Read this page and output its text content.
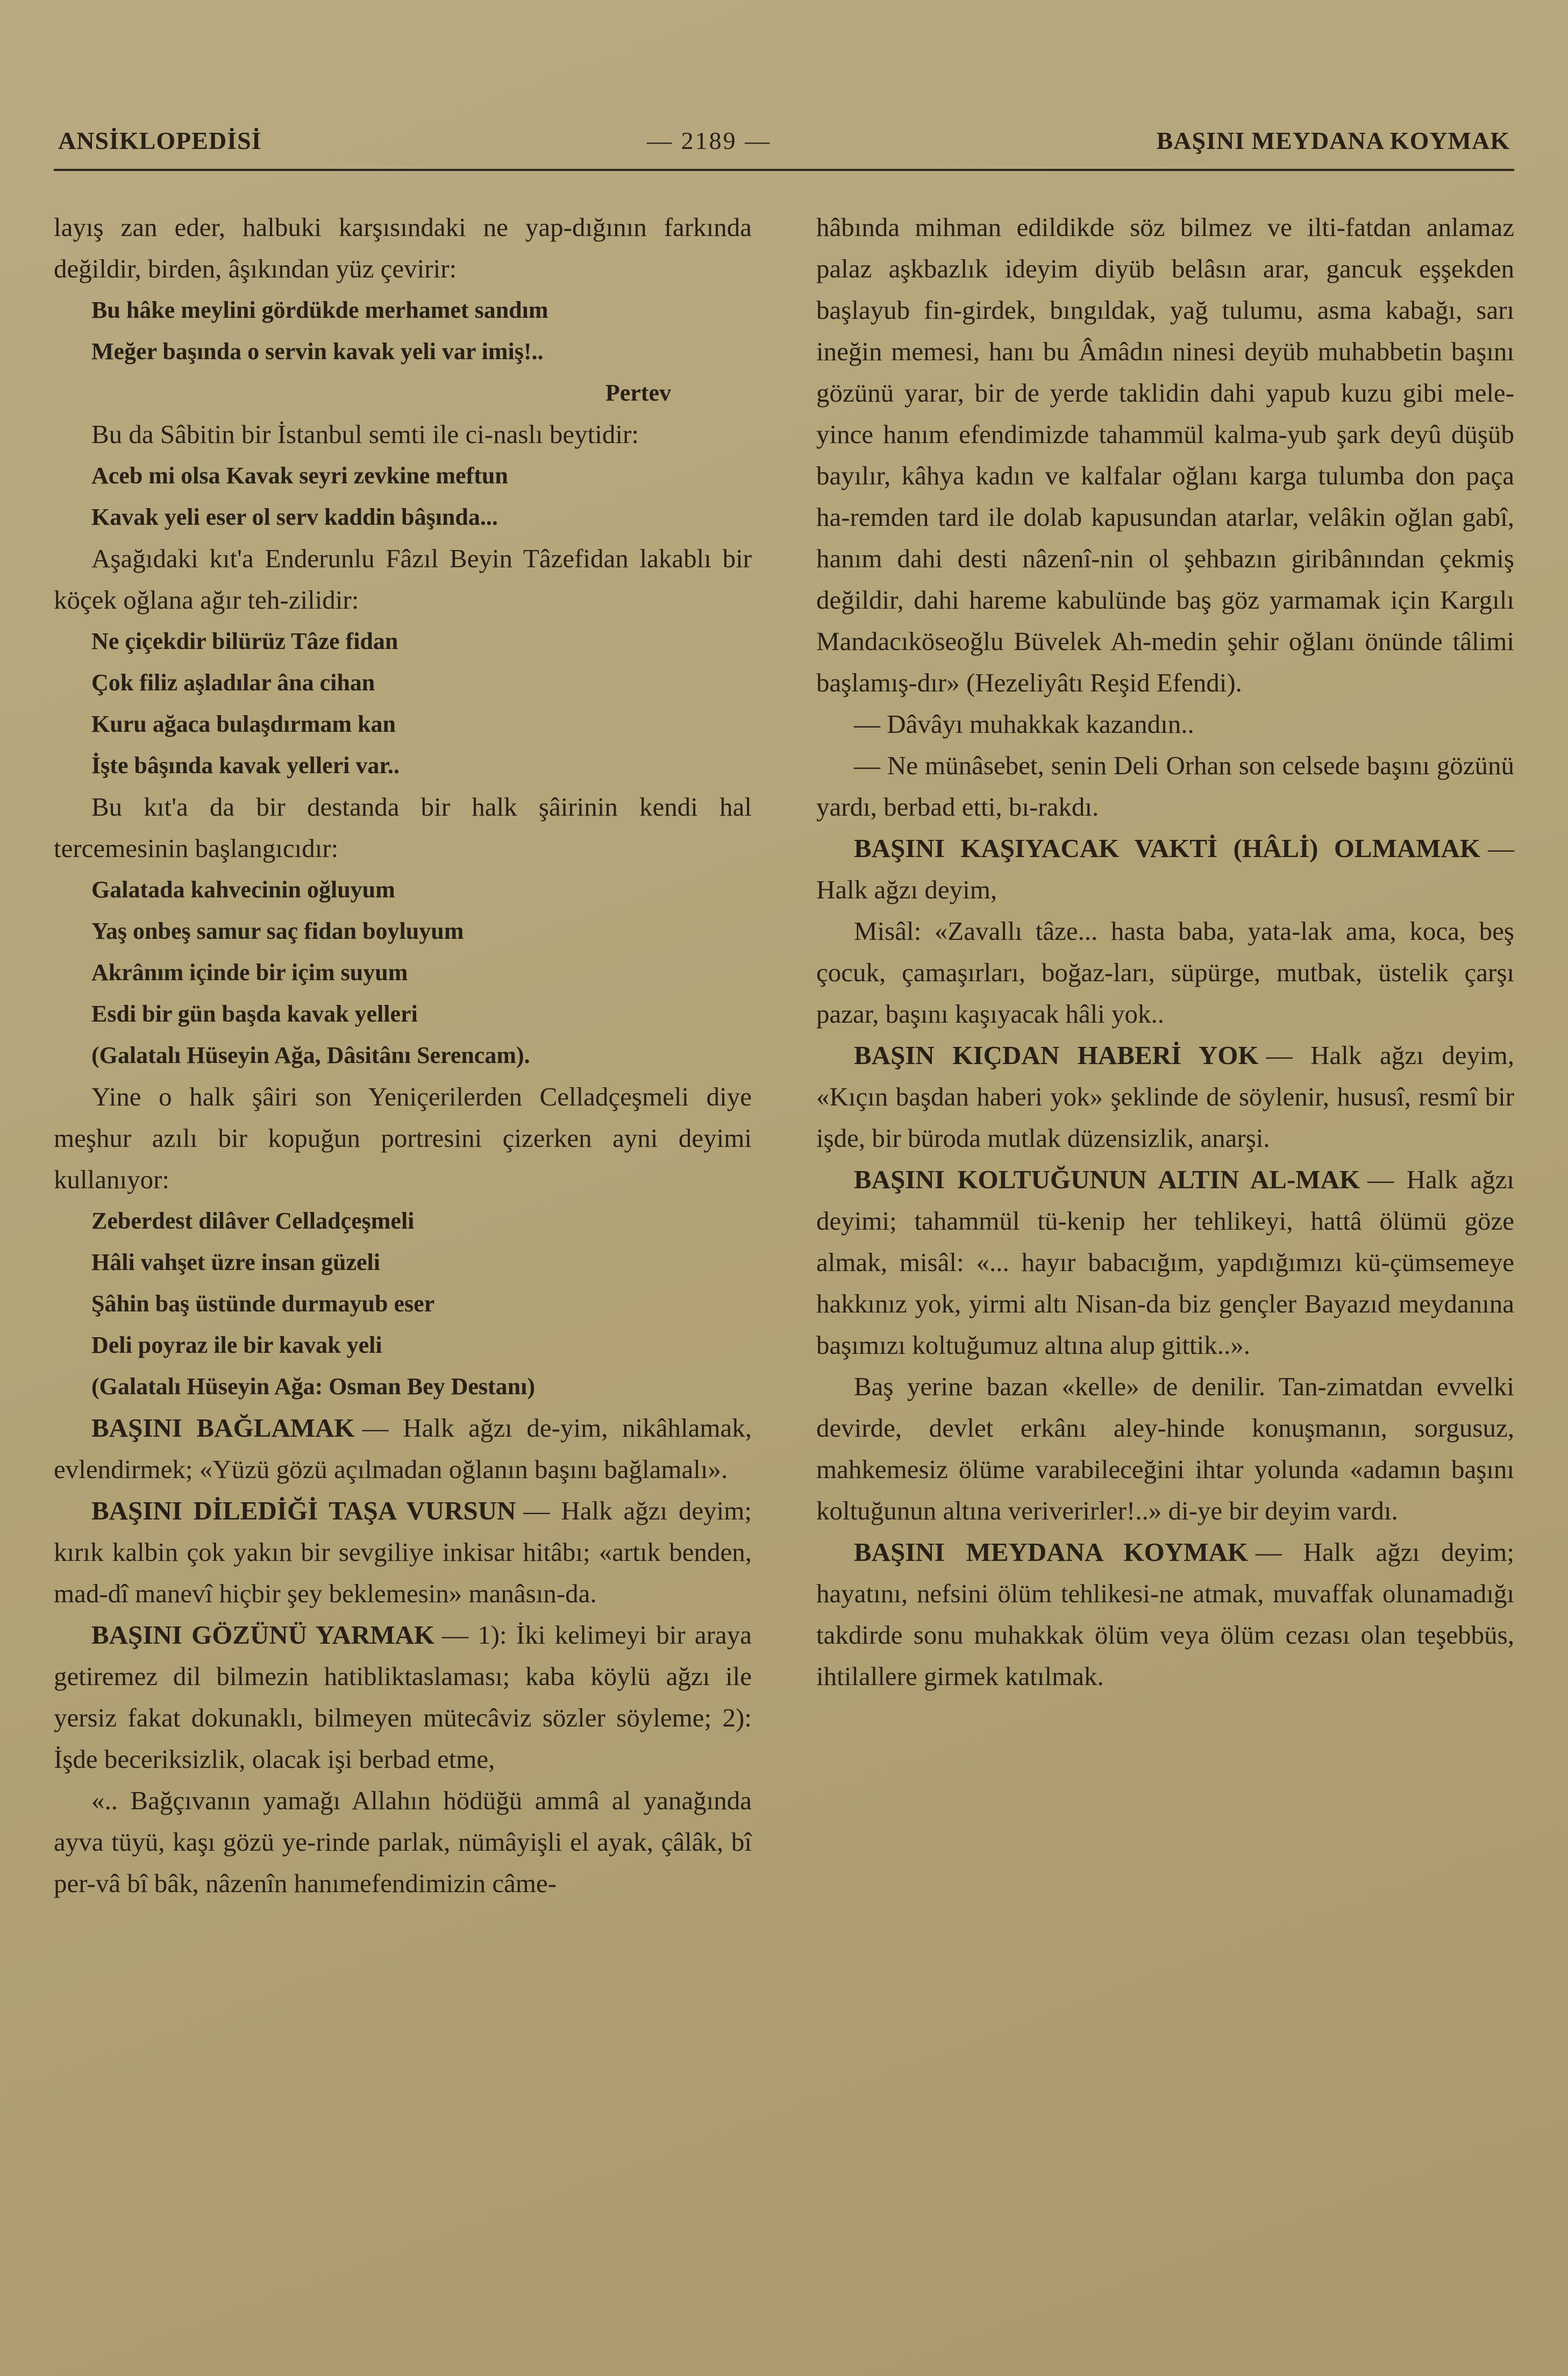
ANSİKLOPEDİSİ	— 2189 —	BAŞINI MEYDANA KOYMAK

layış zan eder, halbuki karşısındaki ne yap-dığının farkında değildir, birden, âşıkından yüz çevirir:

Bu hâke meylini gördükde merhamet sandım
Meğer başında o servin kavak yeli var imiş!..
Pertev

Bu da Sâbitin bir İstanbul semti ile ci-naslı beytidir:

Aceb mi olsa Kavak seyri zevkine meftun
Kavak yeli eser ol serv kaddin bâşında...

Aşağıdaki kıt'a Enderunlu Fâzıl Beyin Tâzefidan lakablı bir köçek oğlana ağır teh-zilidir:

Ne çiçekdir bilürüz Tâze fidan
Çok filiz aşladılar âna cihan
Kuru ağaca bulaşdırmam kan
İşte bâşında kavak yelleri var..

Bu kıt'a da bir destanda bir halk şâirinin kendi hal tercemesinin başlangıcıdır:

Galatada kahvecinin oğluyum
Yaş onbeş samur saç fidan boyluyum
Akrânım içinde bir içim suyum
Esdi bir gün başda kavak yelleri
(Galatalı Hüseyin Ağa, Dâsitânı Serencam).

Yine o halk şâiri son Yeniçerilerden Celladçeşmeli diye meşhur azılı bir kopuğun portresini çizerken ayni deyimi kullanıyor:

Zeberdest dilâver Celladçeşmeli
Hâli vahşet üzre insan güzeli
Şâhin baş üstünde durmayub eser
Deli poyraz ile bir kavak yeli
(Galatalı Hüseyin Ağa: Osman Bey Destanı)

BAŞINI BAĞLAMAK — Halk ağzı de-yim, nikâhlamak, evlendirmek; «Yüzü gözü açılmadan oğlanın başını bağlamalı».

BAŞINI DİLEDİĞİ TAŞA VURSUN — Halk ağzı deyim; kırık kalbin çok yakın bir sevgiliye inkisar hitâbı; «artık benden, mad-dî manevî hiçbir şey beklemesin» manâsın-da.

BAŞINI GÖZÜNÜ YARMAK — 1): İki kelimeyi bir araya getiremez dil bilmezin hatibliktaslaması; kaba köylü ağzı ile yersiz fakat dokunaklı, bilmeyen mütecâviz sözler söyleme; 2): İşde beceriksizlik, olacak işi berbad etme,

«.. Bağçıvanın yamağı Allahın hödüğü ammâ al yanağında ayva tüyü, kaşı gözü ye-rinde parlak, nümâyişli el ayak, çâlâk, bî per-vâ bî bâk, nâzenîn hanımefendimizin câme-

hâbında mihman edildikde söz bilmez ve ilti-fatdan anlamaz palaz aşkbazlık ideyim diyüb belâsın arar, gancuk eşşekden başlayub fin-girdek, bıngıldak, yağ tulumu, asma kabağı, sarı ineğin memesi, hanı bu Âmâdın ninesi deyüb muhabbetin başını gözünü yarar, bir de yerde taklidin dahi yapub kuzu gibi mele-yince hanım efendimizde tahammül kalma-yub şark deyû düşüb bayılır, kâhya kadın ve kalfalar oğlanı karga tulumba don paça ha-remden tard ile dolab kapusundan atarlar, velâkin oğlan gabî, hanım dahi desti nâzenî-nin ol şehbazın giribânından çekmiş değildir, dahi hareme kabulünde baş göz yarmamak için Kargılı Mandacıköseoğlu Büvelek Ah-medin şehir oğlanı önünde tâlimi başlamış-dır» (Hezeliyâtı Reşid Efendi).

— Dâvâyı muhakkak kazandın..

— Ne münâsebet, senin Deli Orhan son celsede başını gözünü yardı, berbad etti, bı-rakdı.

BAŞINI KAŞIYACAK VAKTİ (HÂLİ) OLMAMAK — Halk ağzı deyim,

Misâl: «Zavallı tâze... hasta baba, yata-lak ama, koca, beş çocuk, çamaşırları, boğaz-ları, süpürge, mutbak, üstelik çarşı pazar, başını kaşıyacak hâli yok..

BAŞIN KIÇDAN HABERİ YOK — Halk ağzı deyim, «Kıçın başdan haberi yok» şeklinde de söylenir, hususî, resmî bir işde, bir büroda mutlak düzensizlik, anarşi.

BAŞINI KOLTUĞUNUN ALTIN AL-MAK — Halk ağzı deyimi; tahammül tü-kenip her tehlikeyi, hattâ ölümü göze almak, misâl: «... hayır babacığım, yapdığımızı kü-çümsemeye hakkınız yok, yirmi altı Nisan-da biz gençler Bayazıd meydanına başımızı koltuğumuz altına alup gittik..».

Baş yerine bazan «kelle» de denilir. Tan-zimatdan evvelki devirde, devlet erkânı aley-hinde konuşmanın, sorgusuz, mahkemesiz ölüme varabileceğini ihtar yolunda «adamın başını koltuğunun altına veriverirler!..» di-ye bir deyim vardı.

BAŞINI MEYDANA KOYMAK — Halk ağzı deyim; hayatını, nefsini ölüm tehlikesi-ne atmak, muvaffak olunamadığı takdirde sonu muhakkak ölüm veya ölüm cezası olan teşebbüs, ihtilallere girmek katılmak.
